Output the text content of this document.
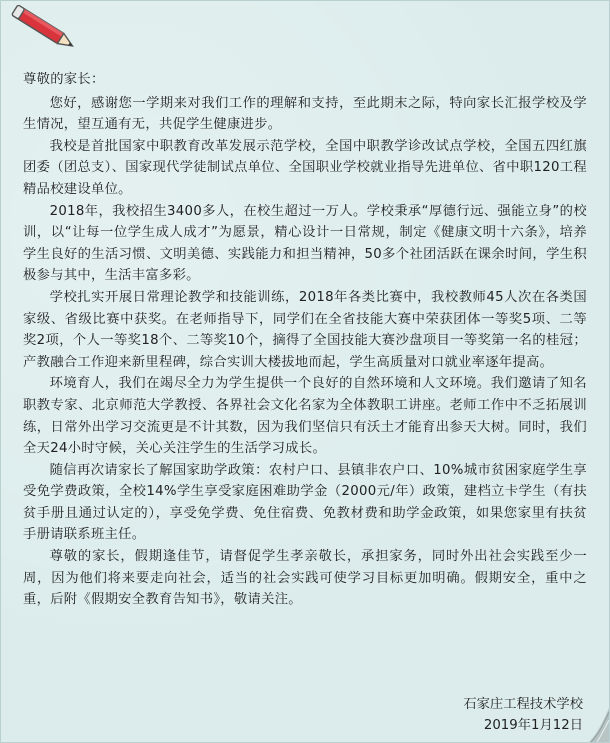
尊敬的家长：

您好，感谢您一学期来对我们工作的理解和支持，至此期末之际，特向家长汇报学校及学生情况，望互通有无，共促学生健康进步。

我校是首批国家中职教育改革发展示范学校，全国中职教学诊改试点学校，全国五四红旗团委（团总支）、国家现代学徒制试点单位、全国职业学校就业指导先进单位、省中职120工程精品校建设单位。

2018年，我校招生3400多人，在校生超过一万人。学校秉承“厚德行远、强能立身”的校训，以“让每一位学生成人成才”为愿景，精心设计一日常规，制定《健康文明十六条》，培养学生良好的生活习惯、文明美德、实践能力和担当精神，50多个社团活跃在课余时间，学生积极参与其中，生活丰富多彩。

学校扎实开展日常理论教学和技能训练，2018年各类比赛中，我校教师45人次在各类国家级、省级比赛中获奖。在老师指导下，同学们在全省技能大赛中荣获团体一等奖5项、二等奖2项，个人一等奖18个、二等奖10个，摘得了全国技能大赛沙盘项目一等奖第一名的桂冠；产教融合工作迎来新里程碑，综合实训大楼拔地而起，学生高质量对口就业率逐年提高。

环境育人，我们在竭尽全力为学生提供一个良好的自然环境和人文环境。我们邀请了知名职教专家、北京师范大学教授、各界社会文化名家为全体教职工讲座。老师工作中不乏拓展训练，日常外出学习交流更是不计其数，因为我们坚信只有沃土才能育出参天大树。同时，我们全天24小时守候，关心关注学生的生活学习成长。

随信再次请家长了解国家助学政策：农村户口、县镇非农户口、10%城市贫困家庭学生享受免学费政策，全校14%学生享受家庭困难助学金（2000元/年）政策，建档立卡学生（有扶贫手册且通过认定的），享受免学费、免住宿费、免教材费和助学金政策，如果您家里有扶贫手册请联系班主任。

尊敬的家长，假期逢佳节，请督促学生孝亲敬长，承担家务，同时外出社会实践至少一周，因为他们将来要走向社会，适当的社会实践可使学习目标更加明确。假期安全，重中之重，后附《假期安全教育告知书》，敬请关注。

石家庄工程技术学校
2019年1月12日
